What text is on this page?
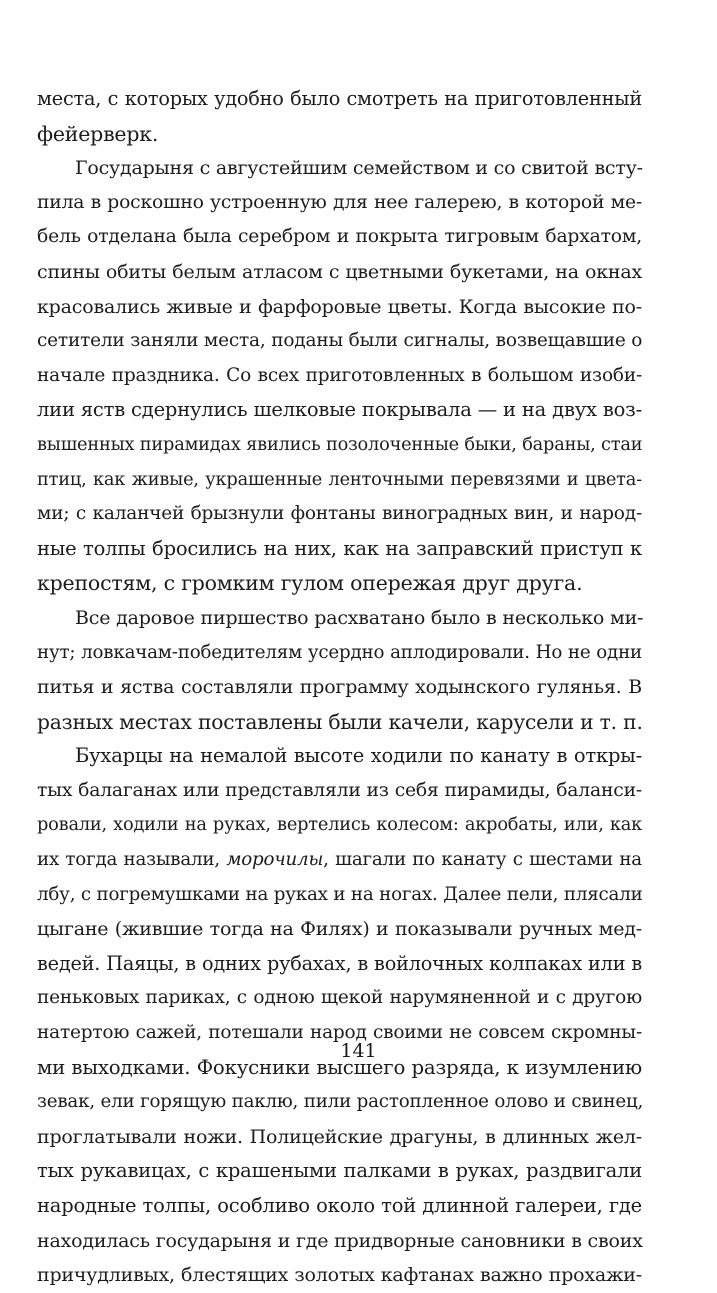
места, с которых удобно было смотреть на приготовленный
фейерверк.
Государыня с августейшим семейством и со свитой всту-
пила в роскошно устроенную для нее галерею, в которой ме-
бель отделана была серебром и покрыта тигровым бархатом,
спины обиты белым атласом с цветными букетами, на окнах
красовались живые и фарфоровые цветы. Когда высокие по-
сетители заняли места, поданы были сигналы, возвещавшие о
начале праздника. Со всех приготовленных в большом изоби-
лии яств сдернулись шелковые покрывала — и на двух воз-
вышенных пирамидах явились позолоченные быки, бараны, стаи
птиц, как живые, украшенные ленточными перевязями и цвета-
ми; с каланчей брызнули фонтаны виноградных вин, и народ-
ные толпы бросились на них, как на заправский приступ к
крепостям, с громким гулом опережая друг друга.
Все даровое пиршество расхватано было в несколько ми-
нут; ловкачам-победителям усердно аплодировали. Но не одни
питья и яства составляли программу ходынского гулянья. В
разных местах поставлены были качели, карусели и т. п.
Бухарцы на немалой высоте ходили по канату в откры-
тых балаганах или представляли из себя пирамиды, баланси-
ровали, ходили на руках, вертелись колесом: акробаты, или, как
их тогда называли, морочилы, шагали по канату с шестами на
лбу, с погремушками на руках и на ногах. Далее пели, плясали
цыгане (жившие тогда на Филях) и показывали ручных мед-
ведей. Паяцы, в одних рубахах, в войлочных колпаках или в
пеньковых париках, с одною щекой нарумяненной и с другою
натертою сажей, потешали народ своими не совсем скромны-
ми выходками. Фокусники высшего разряда, к изумлению
зевак, ели горящую паклю, пили растопленное олово и свинец,
проглатывали ножи. Полицейские драгуны, в длинных жел-
тых рукавицах, с крашеными палками в руках, раздвигали
народные толпы, особливо около той длинной галереи, где
находилась государыня и где придворные сановники в своих
причудливых, блестящих золотых кафтанах важно прохажи-
141
